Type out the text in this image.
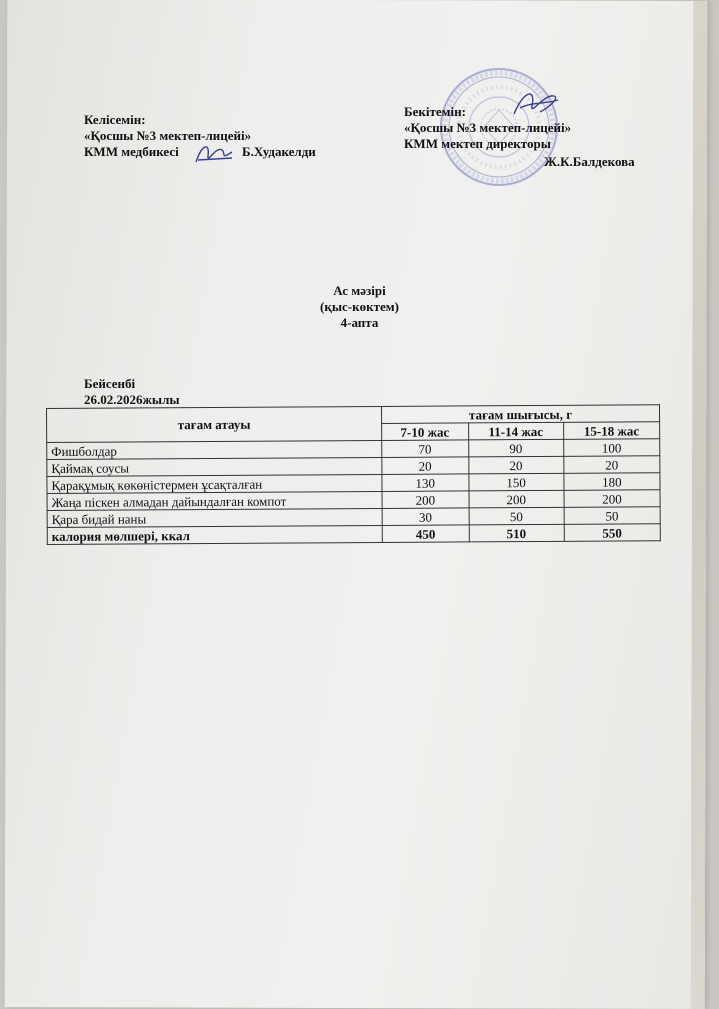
Келісемін:
«Қосшы №3 мектеп-лицейі»
КММ медбикесі	Б.Худакелди
Бекітемін:
«Қосшы №3 мектеп-лицейі»
КММ мектеп директоры
Ж.К.Балдекова
Ас мәзірі
(қыс-көктем)
4-апта
Бейсенбі
26.02.2026жылы
тағам атауы	тағам шығысы, г		
	7-10 жас	11-14 жас	15-18 жас
Фишболдар	70	90	100
Қаймақ соусы	20	20	20
Қарақұмық көкөністермен ұсақталған	130	150	180
Жаңа піскен алмадан дайындалған компот	200	200	200
Қара бидай наны	30	50	50
калория мөлшері, ккал	450	510	550
